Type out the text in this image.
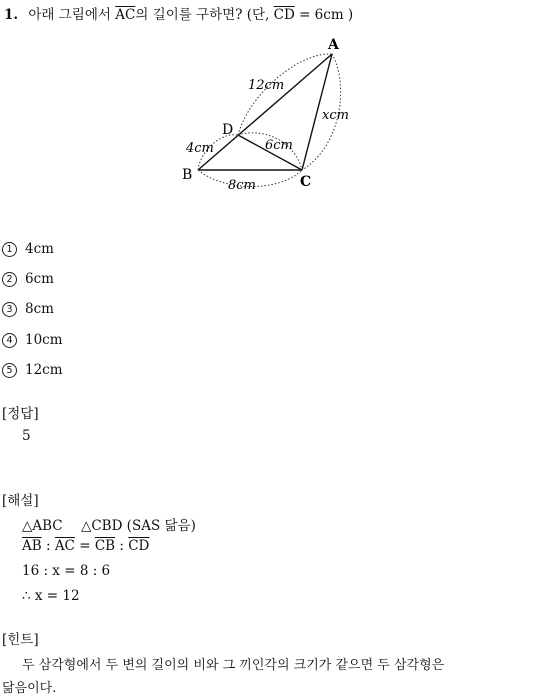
1. 아래 그림에서 $\overline{AC}$의 길이를 구하면? (단, $\overline{CD} = 6cm$ )
A
B	C
D
12cm
4cm	6cm
8cm
xcm
1 4cm
2 6cm
3 8cm
4 10cm
5 12cm
[정답]
5
[해설]
△ABC △CBD (SAS 닮음)
$\overline{AB}$ : $\overline{AC} = \overline{CB}$ : $\overline{CD}$
16 : x = 8 : 6
∴ x = 12
[힌트]
두 삼각형에서 두 변의 길이의 비와 그 끼인각의 크기가 같으면 두 삼각형은
닮음이다.
